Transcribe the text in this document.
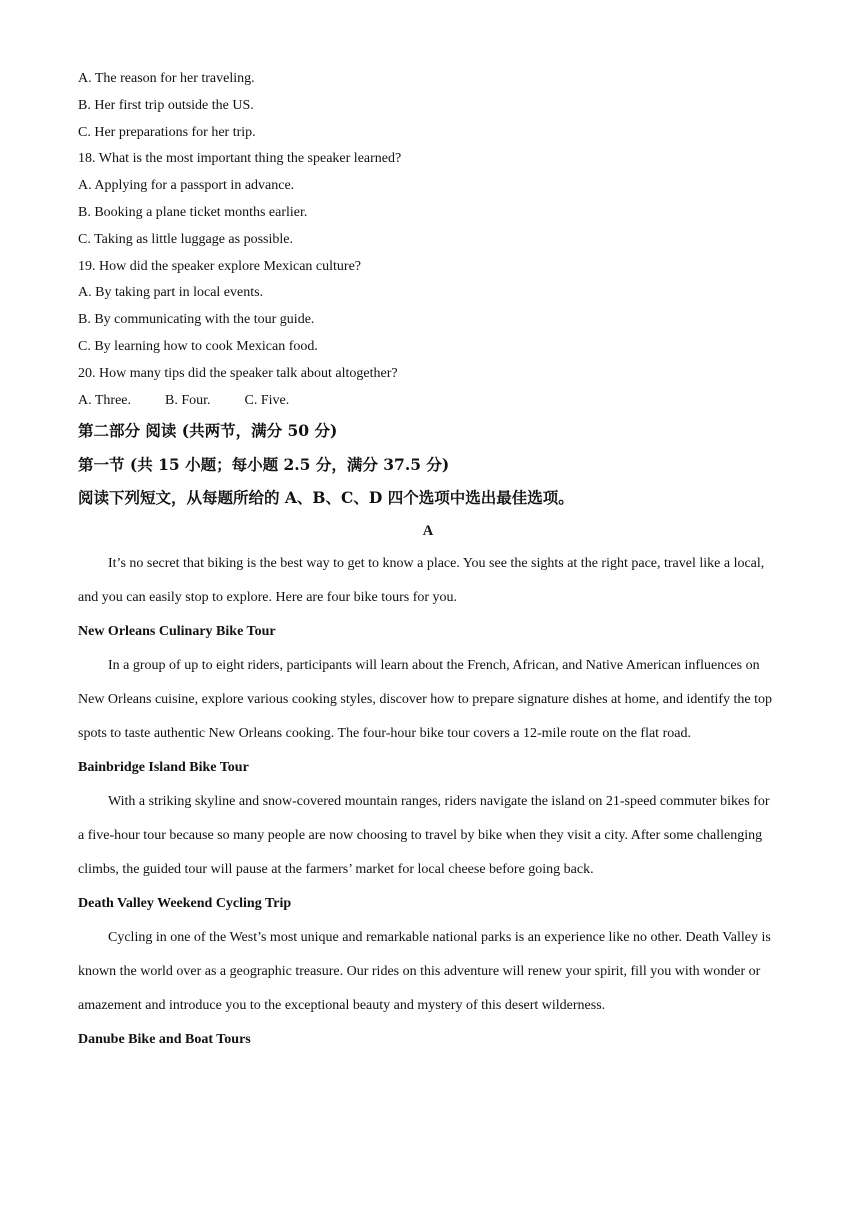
A. The reason for her traveling.
B. Her first trip outside the US.
C. Her preparations for her trip.
18. What is the most important thing the speaker learned?
A. Applying for a passport in advance.
B. Booking a plane ticket months earlier.
C. Taking as little luggage as possible.
19. How did the speaker explore Mexican culture?
A. By taking part in local events.
B. By communicating with the tour guide.
C. By learning how to cook Mexican food.
20. How many tips did the speaker talk about altogether?
A. Three. B. Four. C. Five.
第二部分 阅读 (共两节，满分 50 分)
第一节 (共 15 小题；每小题 2.5 分，满分 37.5 分)
阅读下列短文，从每题所给的 A、B、C、D 四个选项中选出最佳选项。
A

It’s no secret that biking is the best way to get to know a place. You see the sights at the right pace, travel like a local, and you can easily stop to explore. Here are four bike tours for you.

New Orleans Culinary Bike Tour

In a group of up to eight riders, participants will learn about the French, African, and Native American influences on New Orleans cuisine, explore various cooking styles, discover how to prepare signature dishes at home, and identify the top spots to taste authentic New Orleans cooking. The four-hour bike tour covers a 12-mile route on the flat road.

Bainbridge Island Bike Tour

With a striking skyline and snow-covered mountain ranges, riders navigate the island on 21-speed commuter bikes for a five-hour tour because so many people are now choosing to travel by bike when they visit a city. After some challenging climbs, the guided tour will pause at the farmers’ market for local cheese before going back.

Death Valley Weekend Cycling Trip

Cycling in one of the West’s most unique and remarkable national parks is an experience like no other. Death Valley is known the world over as a geographic treasure. Our rides on this adventure will renew your spirit, fill you with wonder or amazement and introduce you to the exceptional beauty and mystery of this desert wilderness.

Danube Bike and Boat Tours
